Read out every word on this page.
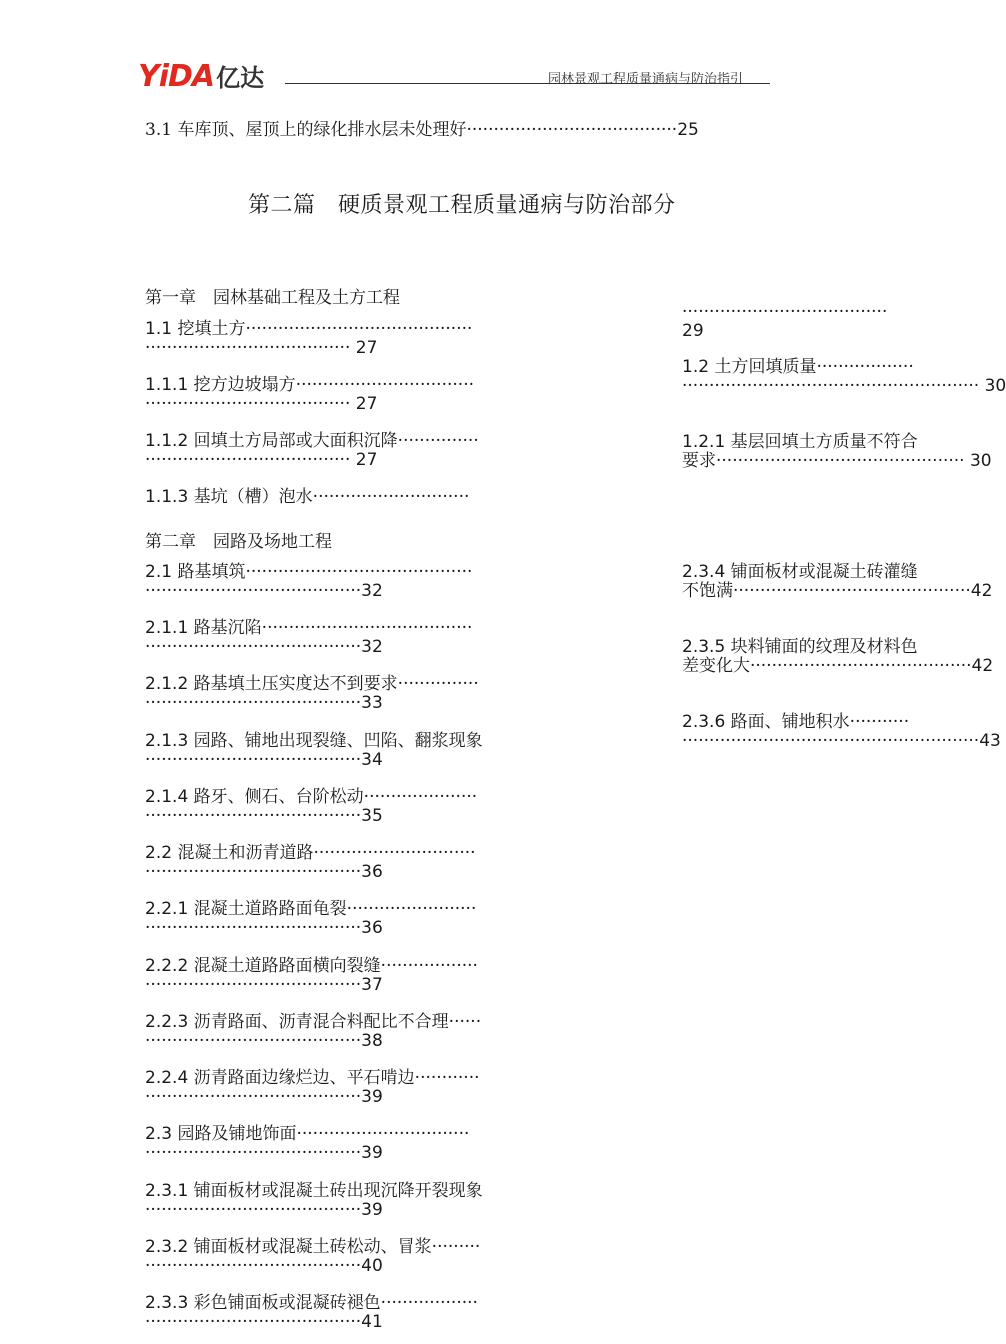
YiDA 亿达	园林景观工程质量通病与防治指引
3.1 车库顶、屋顶上的绿化排水层未处理好·······································25
第二篇　硬质景观工程质量通病与防治部分
第一章　园林基础工程及土方工程
第二章　园路及场地工程
1.1 挖填土方··········································
······································ 27
1.1.1 挖方边坡塌方·································
······································ 27
1.1.2 回填土方局部或大面积沉降···············
······································ 27
1.1.3 基坑（槽）泡水·····························
2.1 路基填筑··········································
········································32
2.1.1 路基沉陷·······································
········································32
2.1.2 路基填土压实度达不到要求···············
········································33
2.1.3 园路、铺地出现裂缝、凹陷、翻浆现象
········································34
2.1.4 路牙、侧石、台阶松动·····················
········································35
2.2 混凝土和沥青道路······························
········································36
2.2.1 混凝土道路路面龟裂························
········································36
2.2.2 混凝土道路路面横向裂缝··················
········································37
2.2.3 沥青路面、沥青混合料配比不合理······
········································38
2.2.4 沥青路面边缘烂边、平石啃边············
········································39
2.3 园路及铺地饰面································
········································39
2.3.1 铺面板材或混凝土砖出现沉降开裂现象
········································39
2.3.2 铺面板材或混凝土砖松动、冒浆·········
········································40
2.3.3 彩色铺面板或混凝砖褪色··················
········································41
······································
29
1.2 土方回填质量··················
······················································· 30
1.2.1 基层回填土方质量不符合
要求·············································· 30
2.3.4 铺面板材或混凝土砖灌缝
不饱满············································42
2.3.5 块料铺面的纹理及材料色
差变化大·········································42
2.3.6 路面、铺地积水···········
·······················································43
